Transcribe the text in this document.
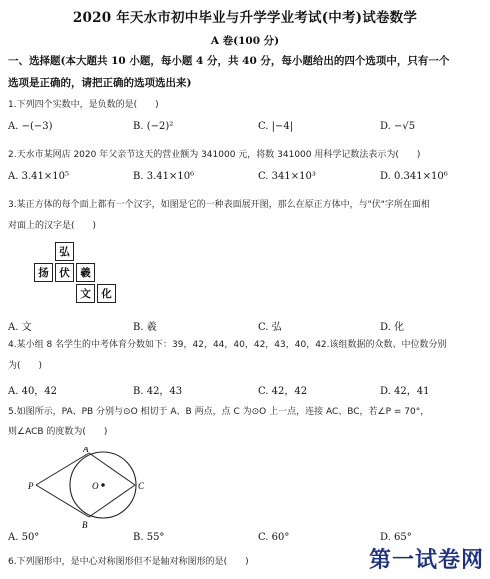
2020 年天水市初中毕业与升学学业考试(中考)试卷数学
A 卷(100 分)
一、选择题(本大题共 10 小题，每小题 4 分，共 40 分，每小题给出的四个选项中，只有一个
选项是正确的，请把正确的选项选出来)
1.下列四个实数中，是负数的是(　　)
A. −(−3)	B. (−2)²	C. |−4|	D. −√5
2.天水市某网店 2020 年父亲节这天的营业额为 341000 元，将数 341000 用科学记数法表示为(　　)
A. 3.41×10⁵	B. 3.41×10⁶	C. 341×10³	D. 0.341×10⁶
3.某正方体的每个面上都有一个汉字，如图是它的一种表面展开图，那么在原正方体中，与"伏"字所在面相
对面上的汉字是(　　)
弘
扬	伏	羲
文	化
A. 文	B. 羲	C. 弘	D. 化
4.某小组 8 名学生的中考体育分数如下：39，42，44，40，42，43，40，42.该组数据的众数、中位数分别
为(　　)
A. 40，42	B. 42，43	C. 42，42	D. 42，41
5.如图所示，PA、PB 分别与⊙O 相切于 A、B 两点，点 C 为⊙O 上一点，连接 AC、BC，若∠P = 70°，
则∠ACB 的度数为(　　)
A
B
C
O
P
A. 50°	B. 55°	C. 60°	D. 65°
6.下列图形中，是中心对称图形但不是轴对称图形的是(　　)	第一试卷网
